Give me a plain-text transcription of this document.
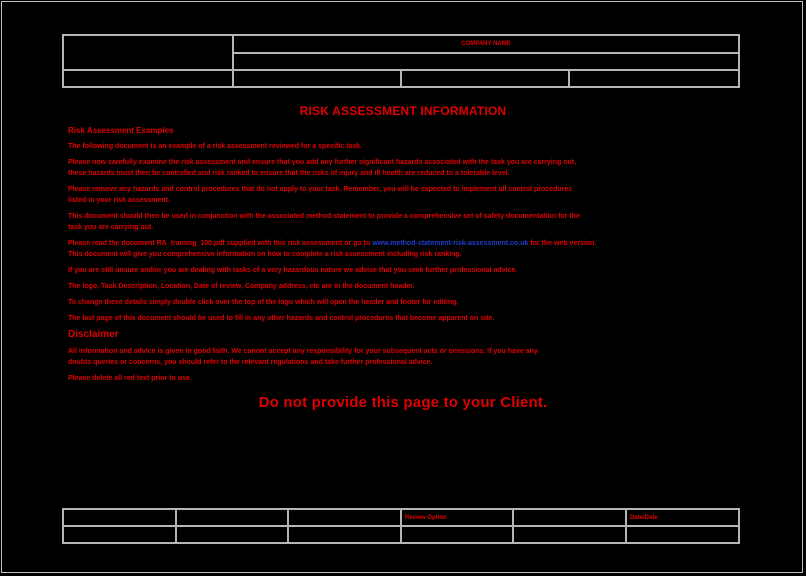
	COMPANY NAME		

RISK ASSESSMENT INFORMATION
Risk Assessment Examples
The following document is an example of a risk assessment reviewed for a specific task.
Please now carefully examine the risk assessment and ensure that you add any further significant hazards associated with the task you are carrying out,
these hazards must then be controlled and risk ranked to ensure that the risks of injury and ill health are reduced to a tolerable level.
Please remove any hazards and control procedures that do not apply to your task. Remember, you will be expected to implement all control procedures
listed in your risk assessment.
This document should then be used in conjunction with the associated method statement to provide a comprehensive set of safety documentation for the
task you are carrying out.
Please read the document RA_training_100.pdf supplied with this risk assessment or go to www.method-statement-risk-assessment.co.uk for the web version.
This document will give you comprehensive information on how to complete a risk assessment including risk ranking.
If you are still unsure and/or you are dealing with tasks of a very hazardous nature we advise that you seek further professional advice.
The logo, Task Description, Location, Date of review, Company address, etc are in the document header.
To change these details simply double click over the top of the logo which will open the header and footer for editing.
The last page of this document should be used to fill in any other hazards and control procedures that become apparent on site.
Disclaimer
All information and advice is given in good faith. We cannot accept any responsibility for your subsequent acts or omissions. If you have any
doubts queries or concerns, you should refer to the relevant regulations and take further professional advice.
Please delete all red text prior to use.
Do not provide this page to your Client.
			Review Option		Date/Date
